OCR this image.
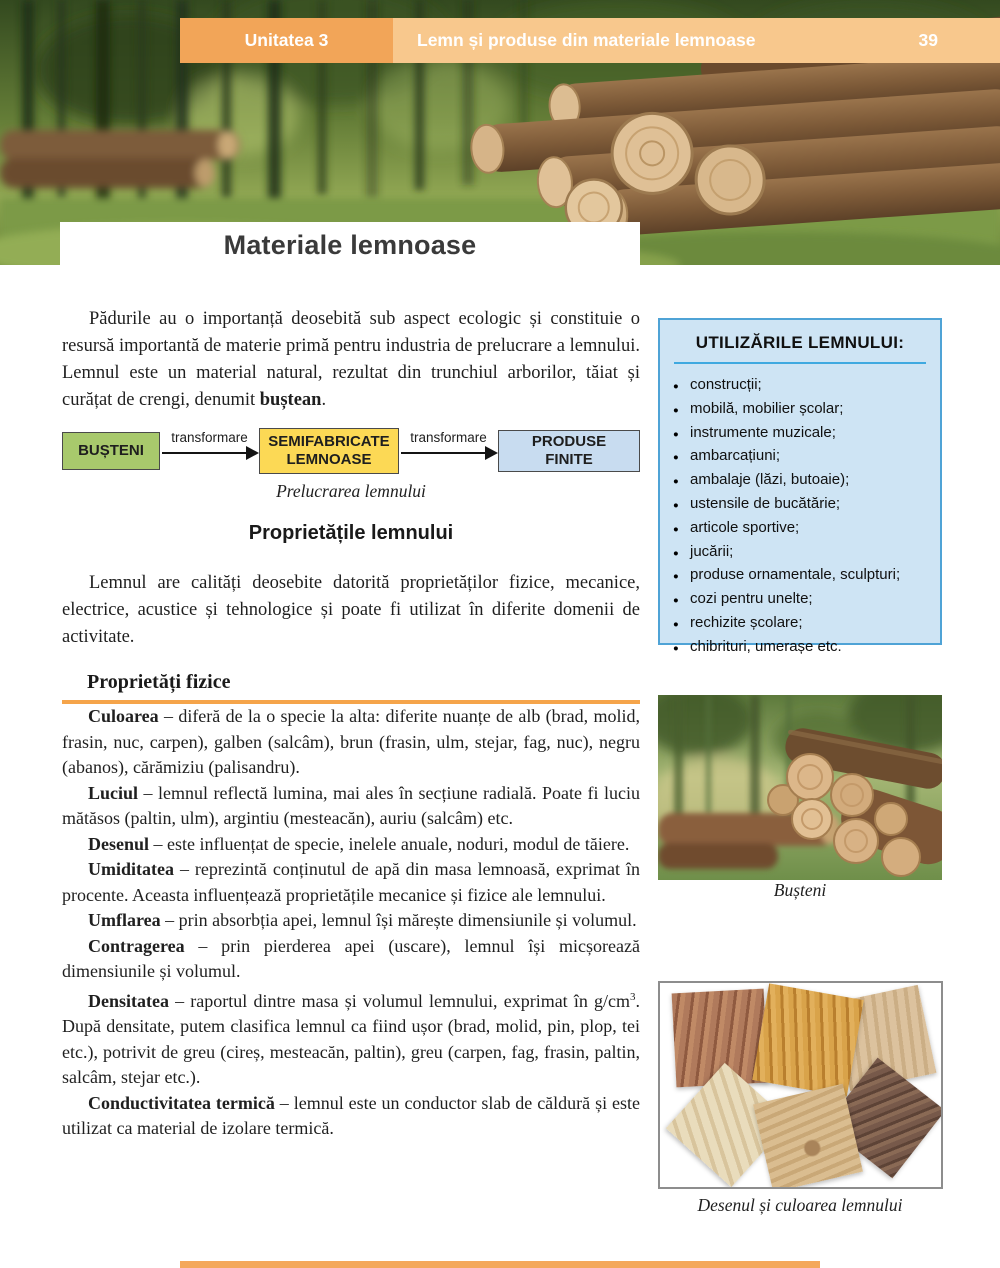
Unitatea 3	Lemn și produse din materiale lemnoase	39
Materiale lemnoase

Pădurile au o importanță deosebită sub aspect ecologic și constituie o resursă importantă de materie primă pentru industria de prelucrare a lemnului. Lemnul este un material natural, rezultat din trunchiul arborilor, tăiat și curățat de crengi, denumit buștean.

BUȘTENI
transformare	SEMIFABRICATE
LEMNOASE
transformare	PRODUSE
FINITE
Prelucrarea lemnului
Proprietățile lemnului

Lemnul are calități deosebite datorită proprietăților fizice, mecanice, electrice, acustice și tehnologice și poate fi utilizat în diferite domenii de activitate.

Proprietăți fizice

Culoarea – diferă de la o specie la alta: diferite nuanțe de alb (brad, molid, frasin, nuc, carpen), galben (salcâm), brun (frasin, ulm, stejar, fag, nuc), negru (abanos), cărămiziu (palisandru).

Luciul – lemnul reflectă lumina, mai ales în secțiune radială. Poate fi luciu mătăsos (paltin, ulm), argintiu (mesteacăn), auriu (salcâm) etc.

Desenul – este influențat de specie, inelele anuale, noduri, modul de tăiere.

Umiditatea – reprezintă conținutul de apă din masa lemnoasă, exprimat în procente. Aceasta influențează proprietățile mecanice și fizice ale lemnului.

Umflarea – prin absorbția apei, lemnul își mărește dimensiunile și volumul.

Contragerea – prin pierderea apei (uscare), lemnul își micșorează dimensiunile și volumul.

Densitatea – raportul dintre masa și volumul lemnului, exprimat în $g/cm^3$. După densitate, putem clasifica lemnul ca fiind ușor (brad, molid, pin, plop, tei etc.), potrivit de greu (cireș, mesteacăn, paltin), greu (carpen, fag, frasin, paltin, salcâm, stejar etc.).

Conductivitatea termică – lemnul este un conductor slab de căldură și este utilizat ca material de izolare termică.

UTILIZĂRILE LEMNULUI:
● construcții;
● mobilă, mobilier școlar;
● instrumente muzicale;
● ambarcațiuni;
● ambalaje (lăzi, butoaie);
● ustensile de bucătărie;
● articole sportive;
● jucării;
● produse ornamentale, sculpturi;
● cozi pentru unelte;
● rechizite școlare;
● chibrituri, umerașe etc.
Bușteni
Desenul și culoarea lemnului
